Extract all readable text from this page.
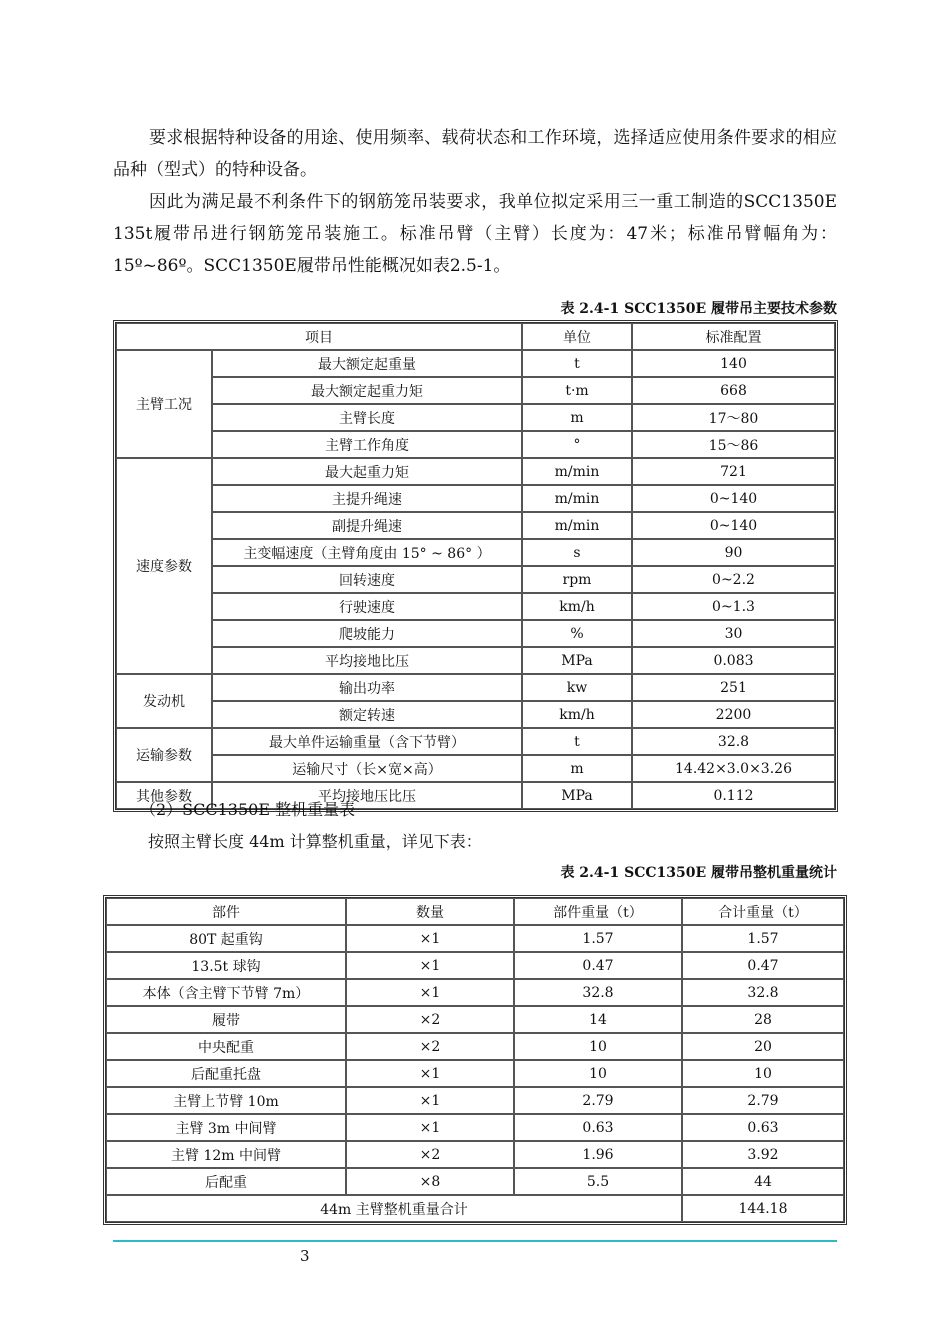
要求根据特种设备的用途、使用频率、载荷状态和工作环境，选择适应使用条件要求的相应品种（型式）的特种设备。

因此为满足最不利条件下的钢筋笼吊装要求，我单位拟定采用三一重工制造的SCC1350E 135t履带吊进行钢筋笼吊装施工。标准吊臂（主臂）长度为：47米；标准吊臂幅角为：15º~86º。SCC1350E履带吊性能概况如表2.5-1。

表 2.4-1 SCC1350E 履带吊主要技术参数
项目		单位	标准配置
主臂工况	最大额定起重量	t	140
	最大额定起重力矩	t·m	668
	主臂长度	m	17～80
	主臂工作角度	°	15～86
速度参数	最大起重力矩	m/min	721
	主提升绳速	m/min	0~140
	副提升绳速	m/min	0~140
	主变幅速度（主臂角度由 15° ~ 86° ）	s	90
	回转速度	rpm	0~2.2
	行驶速度	km/h	0~1.3
	爬坡能力	%	30
	平均接地比压	MPa	0.083
发动机	输出功率	kw	251
	额定转速	km/h	2200
运输参数	最大单件运输重量（含下节臂）	t	32.8
	运输尺寸（长×宽×高）	m	14.42×3.0×3.26
其他参数	平均接地压比压	MPa	0.112
（2）SCC1350E 整机重量表
按照主臂长度 44m 计算整机重量，详见下表：
表 2.4-1 SCC1350E 履带吊整机重量统计
部件	数量	部件重量（t）	合计重量（t）
80T 起重钩	×1	1.57	1.57
13.5t 球钩	×1	0.47	0.47
本体（含主臂下节臂 7m）	×1	32.8	32.8
履带	×2	14	28
中央配重	×2	10	20
后配重托盘	×1	10	10
主臂上节臂 10m	×1	2.79	2.79
主臂 3m 中间臂	×1	0.63	0.63
主臂 12m 中间臂	×2	1.96	3.92
后配重	×8	5.5	44
44m 主臂整机重量合计			144.18
3
